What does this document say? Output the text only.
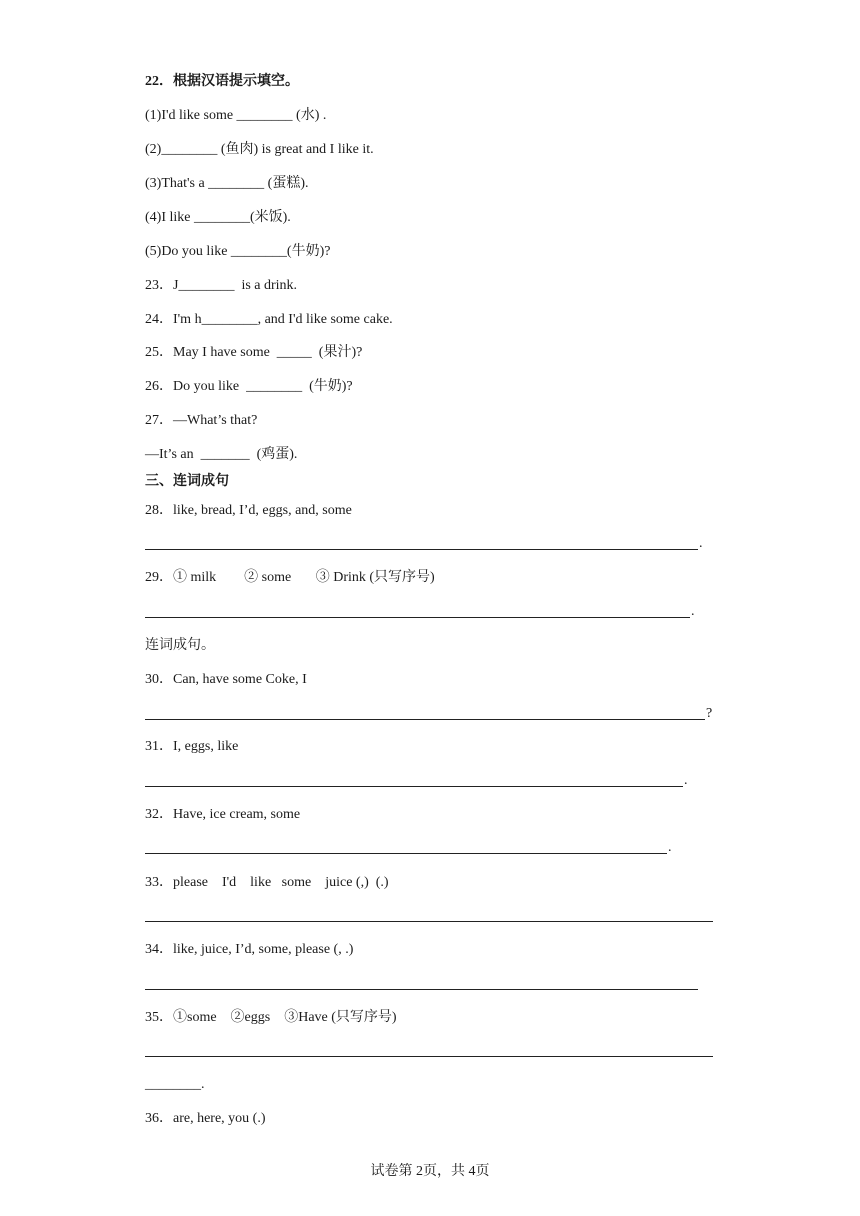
22．根据汉语提示填空。
(1)I'd like some ________ (水) .
(2)________ (鱼肉) is great and I like it.
(3)That's a ________ (蛋糕).
(4)I like ________(米饭).
(5)Do you like ________(牛奶)?
23．J________  is a drink.
24．I'm h________, and I'd like some cake.
25．May I have some  _____  (果汁)?
26．Do you like  ________  (牛奶)?
27．—What’s that?
—It’s an  _______  (鸡蛋).
三、连词成句
28．like, bread, I’d, eggs, and, some
.
29．① milk        ② some       ③ Drink (只写序号)
.
连词成句。
30．Can, have some Coke, I
?
31．I, eggs, like
.
32．Have, ice cream, some
.
33．please    I'd    like   some    juice (,)  (.)
34．like, juice, I’d, some, please (, .)
35．①some    ②eggs    ③Have (只写序号)
________.
36．are, here, you (.)
试卷第 2页，共 4页
